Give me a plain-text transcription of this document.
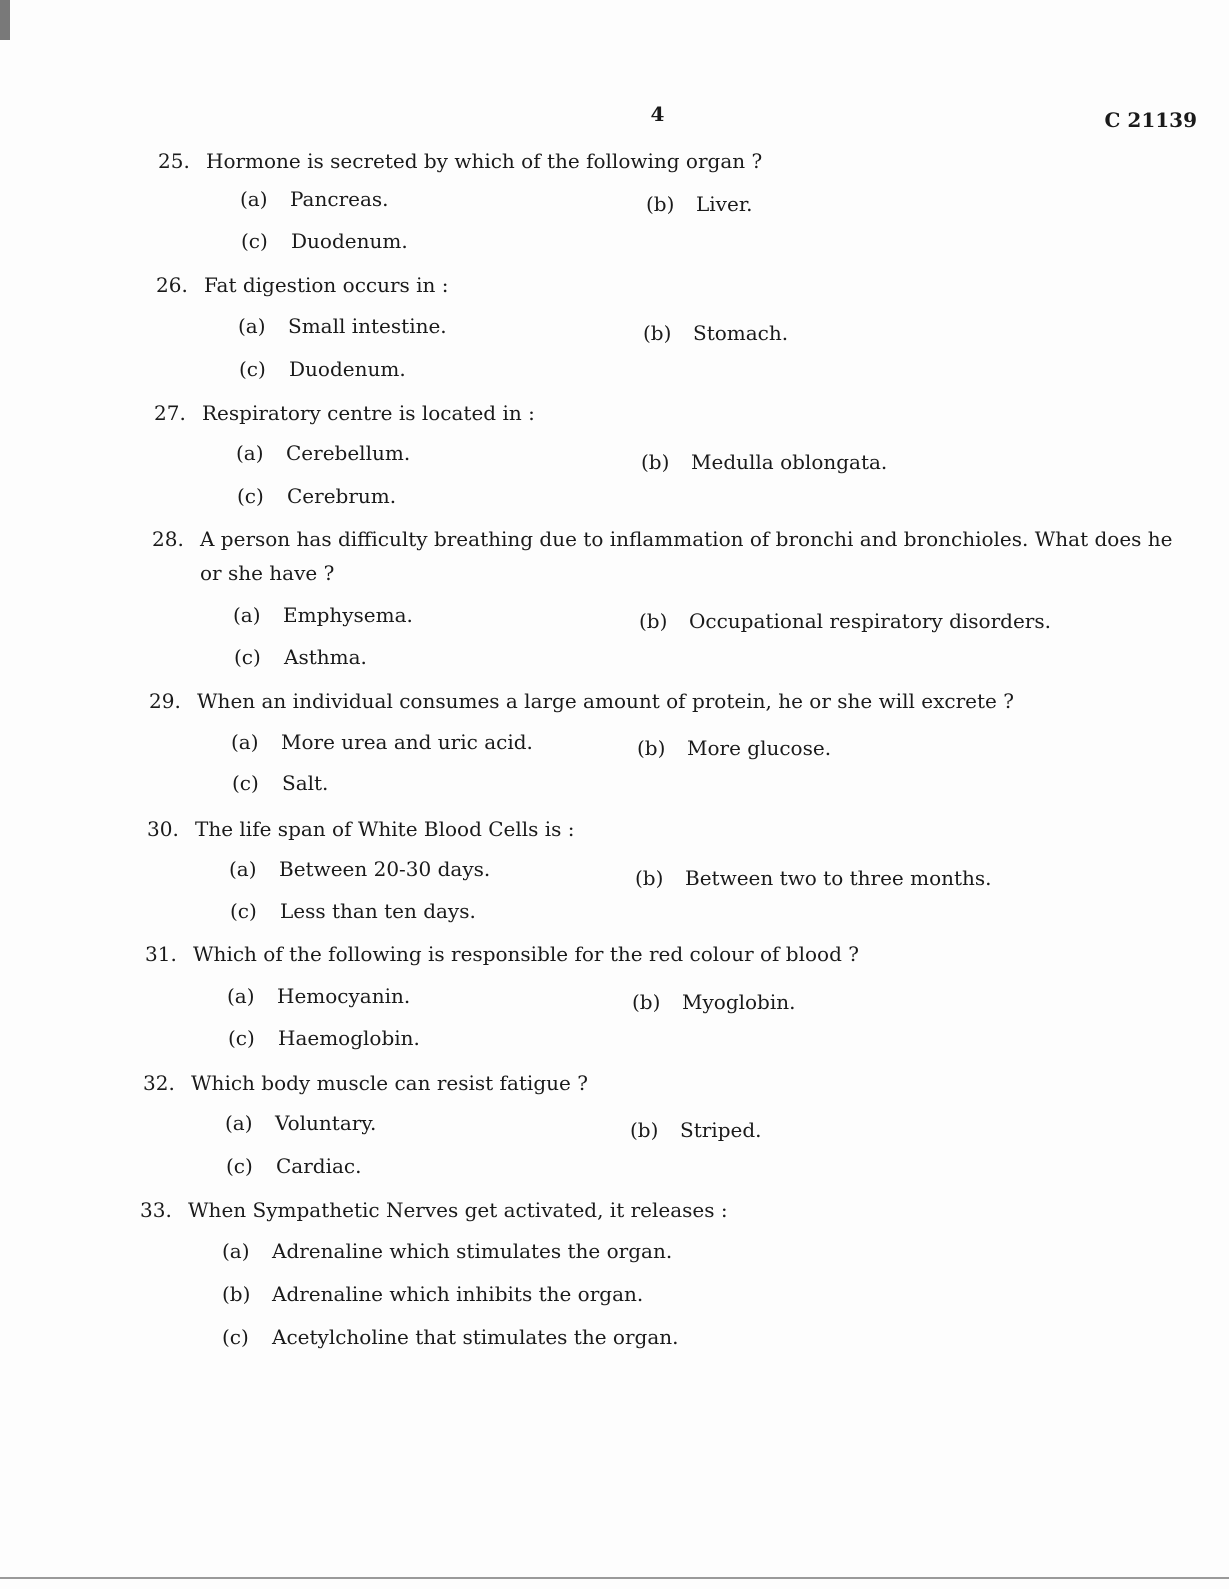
4	C 21139
25. Hormone is secreted by which of the following organ ?
(a) Pancreas.	(b) Liver.
(c) Duodenum.
26. Fat digestion occurs in :
(a) Small intestine.	(b) Stomach.
(c) Duodenum.
27. Respiratory centre is located in :
(a) Cerebellum.	(b) Medulla oblongata.
(c) Cerebrum.
28. A person has difficulty breathing due to inflammation of bronchi and bronchioles. What does he or she have ?
(a) Emphysema.	(b) Occupational respiratory disorders.
(c) Asthma.
29. When an individual consumes a large amount of protein, he or she will excrete ?
(a) More urea and uric acid.	(b) More glucose.
(c) Salt.
30. The life span of White Blood Cells is :
(a) Between 20-30 days.	(b) Between two to three months.
(c) Less than ten days.
31. Which of the following is responsible for the red colour of blood ?
(a) Hemocyanin.	(b) Myoglobin.
(c) Haemoglobin.
32. Which body muscle can resist fatigue ?
(a) Voluntary.	(b) Striped.
(c) Cardiac.
33. When Sympathetic Nerves get activated, it releases :
(a) Adrenaline which stimulates the organ.
(b) Adrenaline which inhibits the organ.
(c) Acetylcholine that stimulates the organ.
